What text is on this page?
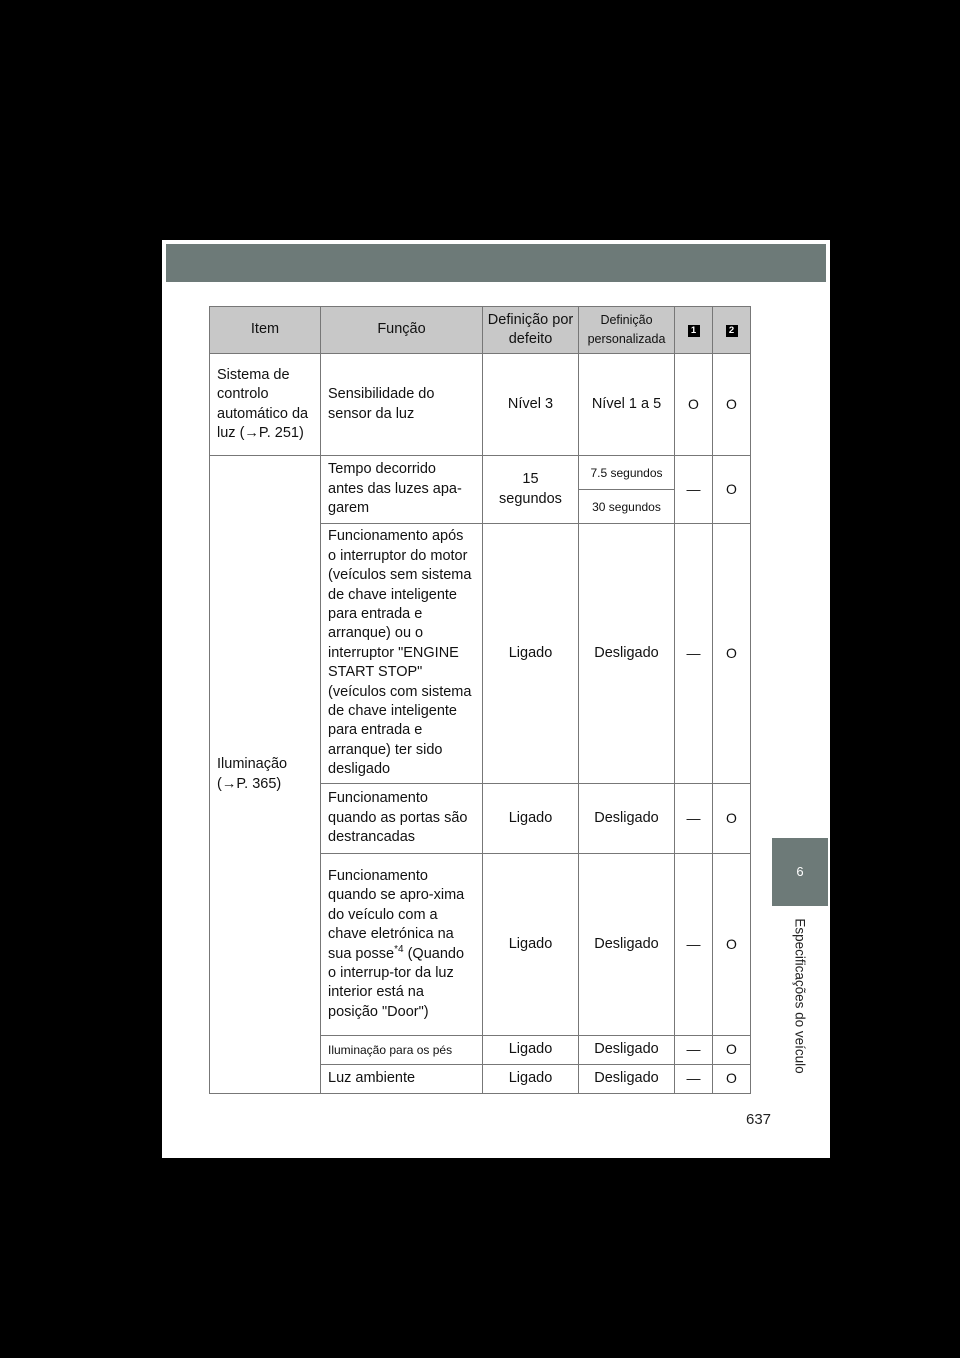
Item	Função	Definição por defeito	Definição personalizada	1	2
Sistema de controlo automático da luz (→P. 251)	Sensibilidade do sensor da luz	Nível 3	Nível 1 a 5	O	O
Iluminação (→P. 365)	Tempo decorrido antes das luzes apa-garem	15 segundos	7.5 segundos	—	O
			30 segundos		
	Funcionamento após o interruptor do motor (veículos sem sistema de chave inteligente para entrada e arranque) ou o interruptor "ENGINE START STOP" (veículos com sistema de chave inteligente para entrada e arranque) ter sido desligado	Ligado	Desligado	—	O
	Funcionamento quando as portas são destrancadas	Ligado	Desligado	—	O
	Funcionamento quando se apro-xima do veículo com a chave eletrónica na sua posse$^{*4}$ (Quando o interrup-tor da luz interior está na posição "Door")	Ligado	Desligado	—	O
	Iluminação para os pés	Ligado	Desligado	—	O
	Luz ambiente	Ligado	Desligado	—	O
6
Especificações do veículo
637
